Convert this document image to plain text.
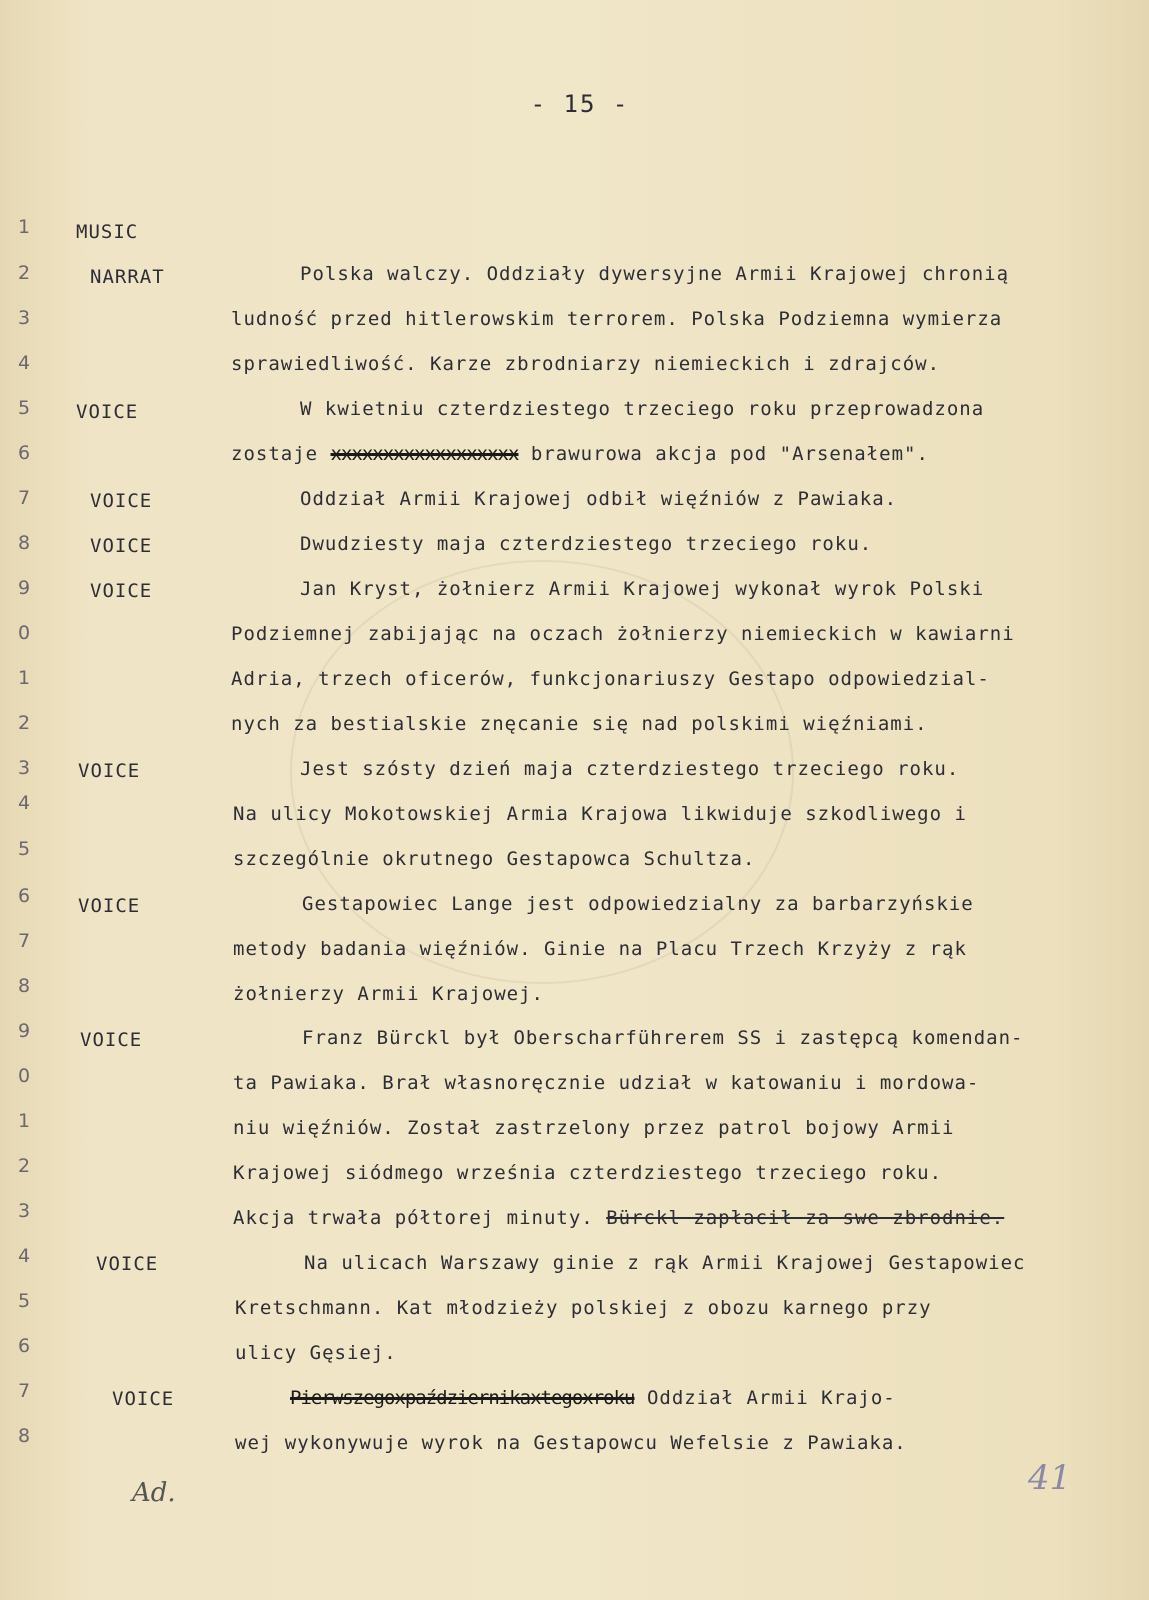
- 15 -
1
2
3
4
5
6
7
8
9
0
1
2
3
4
5
6
7
8
9
0
1
2
3
4
5
6
7
8
MUSIC
NARRAT
VOICE
VOICE
VOICE
VOICE
VOICE
VOICE
VOICE
VOICE
VOICE
Polska walczy. Oddziały dywersyjne Armii Krajowej chronią
ludność przed hitlerowskim terrorem. Polska Podziemna wymierza
sprawiedliwość. Karze zbrodniarzy niemieckich i zdrajców.
W kwietniu czterdziestego trzeciego roku przeprowadzona
zostaje xxxxxxxxxxxxxxxxxx brawurowa akcja pod "Arsenałem".
Oddział Armii Krajowej odbił więźniów z Pawiaka.
Dwudziesty maja czterdziestego trzeciego roku.
Jan Kryst, żołnierz Armii Krajowej wykonał wyrok Polski
Podziemnej zabijając na oczach żołnierzy niemieckich w kawiarni
Adria, trzech oficerów, funkcjonariuszy Gestapo odpowiedzial-
nych za bestialskie znęcanie się nad polskimi więźniami.
Jest szósty dzień maja czterdziestego trzeciego roku.
Na ulicy Mokotowskiej Armia Krajowa likwiduje szkodliwego i
szczególnie okrutnego Gestapowca Schultza.
Gestapowiec Lange jest odpowiedzialny za barbarzyńskie
metody badania więźniów. Ginie na Placu Trzech Krzyży z rąk
żołnierzy Armii Krajowej.
Franz Bürckl był Oberscharführerem SS i zastępcą komendan-
ta Pawiaka. Brał własnoręcznie udział w katowaniu i mordowa-
niu więźniów. Został zastrzelony przez patrol bojowy Armii
Krajowej siódmego września czterdziestego trzeciego roku.
Akcja trwała półtorej minuty. Bürckl zapłacił za swe zbrodnie.
Na ulicach Warszawy ginie z rąk Armii Krajowej Gestapowiec
Kretschmann. Kat młodzieży polskiej z obozu karnego przy
ulicy Gęsiej.
Pierwszegoxpaździernikaxtegoxroku Oddział Armii Krajo-
wej wykonywuje wyrok na Gestapowcu Wefelsie z Pawiaka.
41
Ad.
